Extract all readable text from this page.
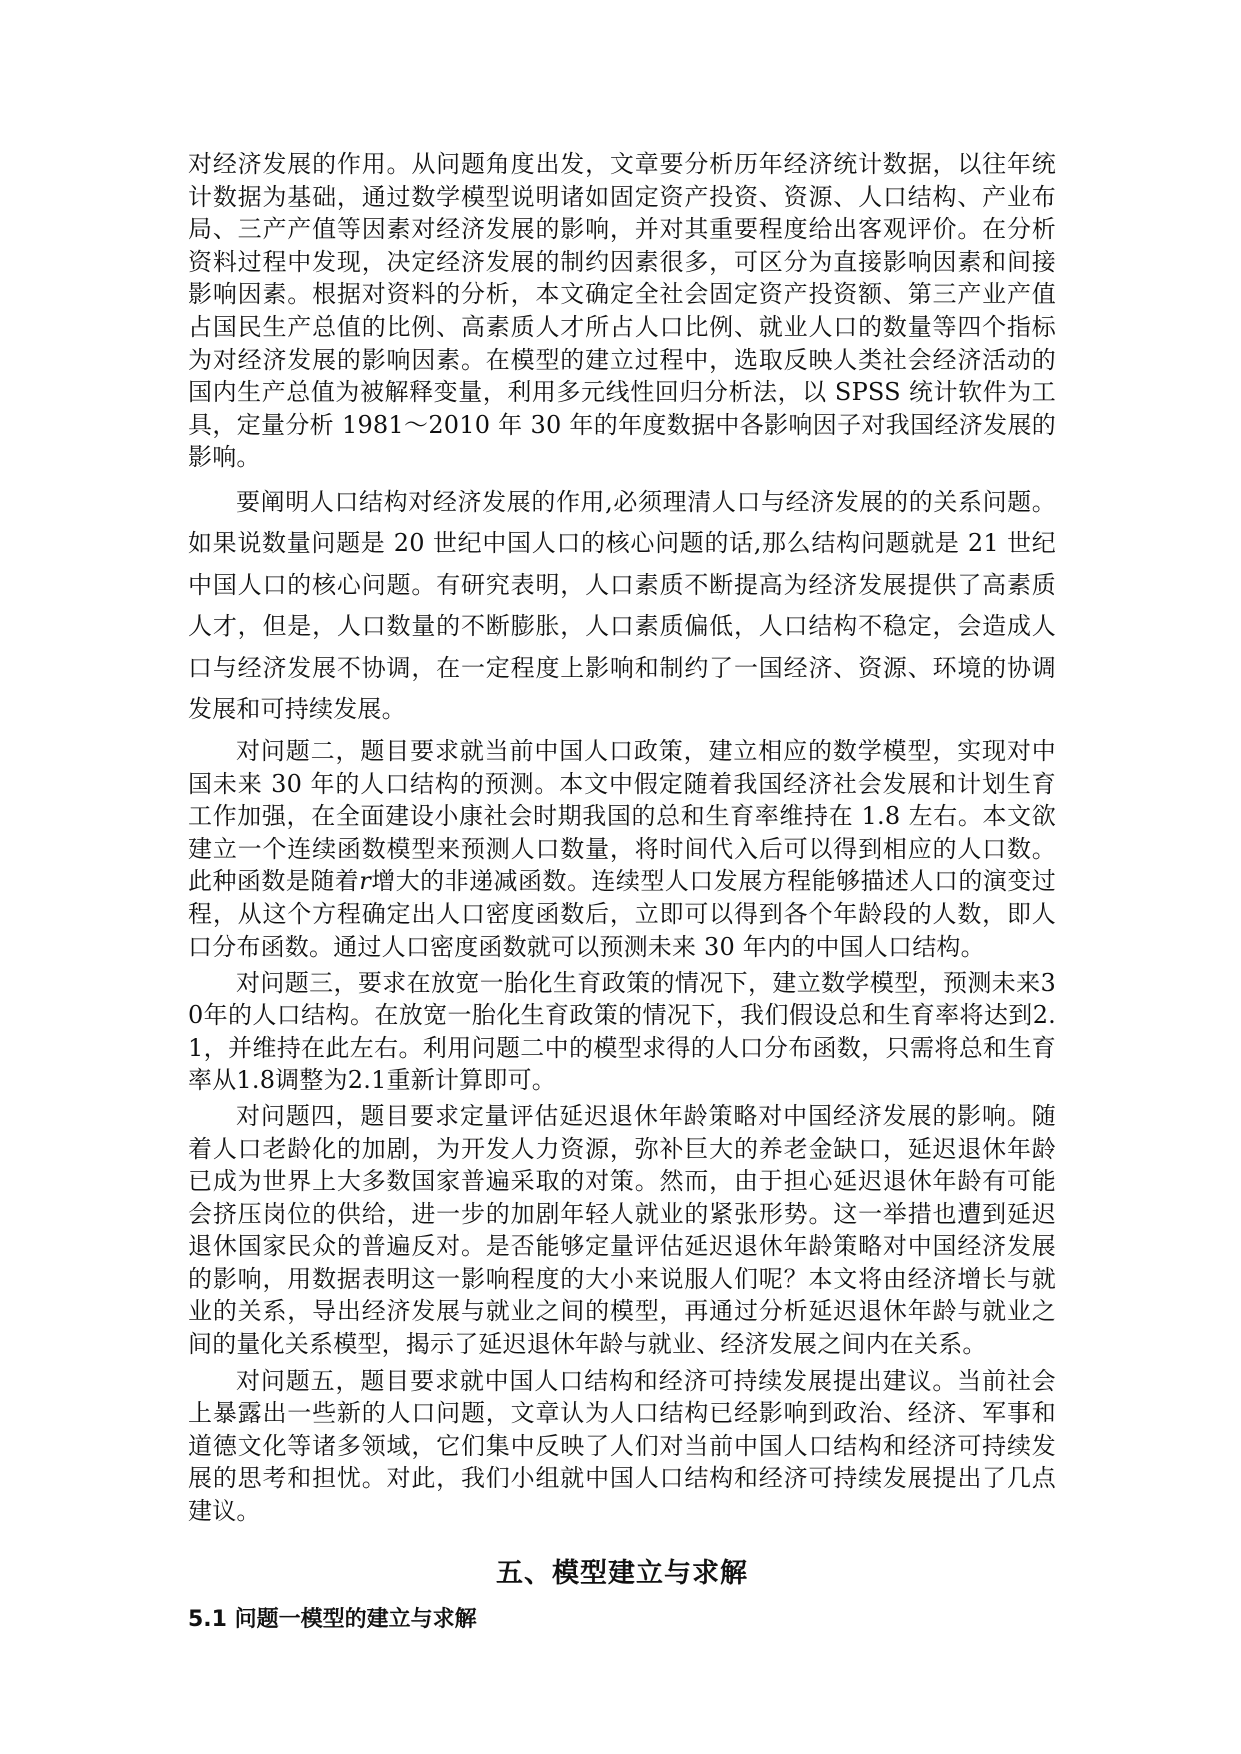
对经济发展的作用。从问题角度出发，文章要分析历年经济统计数据，以往年统计数据为基础，通过数学模型说明诸如固定资产投资、资源、人口结构、产业布局、三产产值等因素对经济发展的影响，并对其重要程度给出客观评价。在分析资料过程中发现，决定经济发展的制约因素很多，可区分为直接影响因素和间接影响因素。根据对资料的分析，本文确定全社会固定资产投资额、第三产业产值占国民生产总值的比例、高素质人才所占人口比例、就业人口的数量等四个指标为对经济发展的影响因素。在模型的建立过程中，选取反映人类社会经济活动的国内生产总值为被解释变量，利用多元线性回归分析法，以 SPSS 统计软件为工具，定量分析 1981～2010 年 30 年的年度数据中各影响因子对我国经济发展的影响。

要阐明人口结构对经济发展的作用,必须理清人口与经济发展的的关系问题。如果说数量问题是 20 世纪中国人口的核心问题的话,那么结构问题就是 21 世纪中国人口的核心问题。有研究表明，人口素质不断提高为经济发展提供了高素质人才，但是，人口数量的不断膨胀，人口素质偏低，人口结构不稳定，会造成人口与经济发展不协调，在一定程度上影响和制约了一国经济、资源、环境的协调发展和可持续发展。

对问题二，题目要求就当前中国人口政策，建立相应的数学模型，实现对中国未来 30 年的人口结构的预测。本文中假定随着我国经济社会发展和计划生育工作加强，在全面建设小康社会时期我国的总和生育率维持在 1.8 左右。本文欲建立一个连续函数模型来预测人口数量，将时间代入后可以得到相应的人口数。此种函数是随着r增大的非递减函数。连续型人口发展方程能够描述人口的演变过程，从这个方程确定出人口密度函数后，立即可以得到各个年龄段的人数，即人口分布函数。通过人口密度函数就可以预测未来 30 年内的中国人口结构。

对问题三，要求在放宽一胎化生育政策的情况下，建立数学模型，预测未来30年的人口结构。在放宽一胎化生育政策的情况下，我们假设总和生育率将达到2.1，并维持在此左右。利用问题二中的模型求得的人口分布函数，只需将总和生育率从1.8调整为2.1重新计算即可。

对问题四，题目要求定量评估延迟退休年龄策略对中国经济发展的影响。随着人口老龄化的加剧，为开发人力资源，弥补巨大的养老金缺口，延迟退休年龄已成为世界上大多数国家普遍采取的对策。然而，由于担心延迟退休年龄有可能会挤压岗位的供给，进一步的加剧年轻人就业的紧张形势。这一举措也遭到延迟退休国家民众的普遍反对。是否能够定量评估延迟退休年龄策略对中国经济发展的影响，用数据表明这一影响程度的大小来说服人们呢？本文将由经济增长与就业的关系，导出经济发展与就业之间的模型，再通过分析延迟退休年龄与就业之间的量化关系模型，揭示了延迟退休年龄与就业、经济发展之间内在关系。

对问题五，题目要求就中国人口结构和经济可持续发展提出建议。当前社会上暴露出一些新的人口问题，文章认为人口结构已经影响到政治、经济、军事和道德文化等诸多领域，它们集中反映了人们对当前中国人口结构和经济可持续发展的思考和担忧。对此，我们小组就中国人口结构和经济可持续发展提出了几点建议。

五、模型建立与求解
5.1 问题一模型的建立与求解
